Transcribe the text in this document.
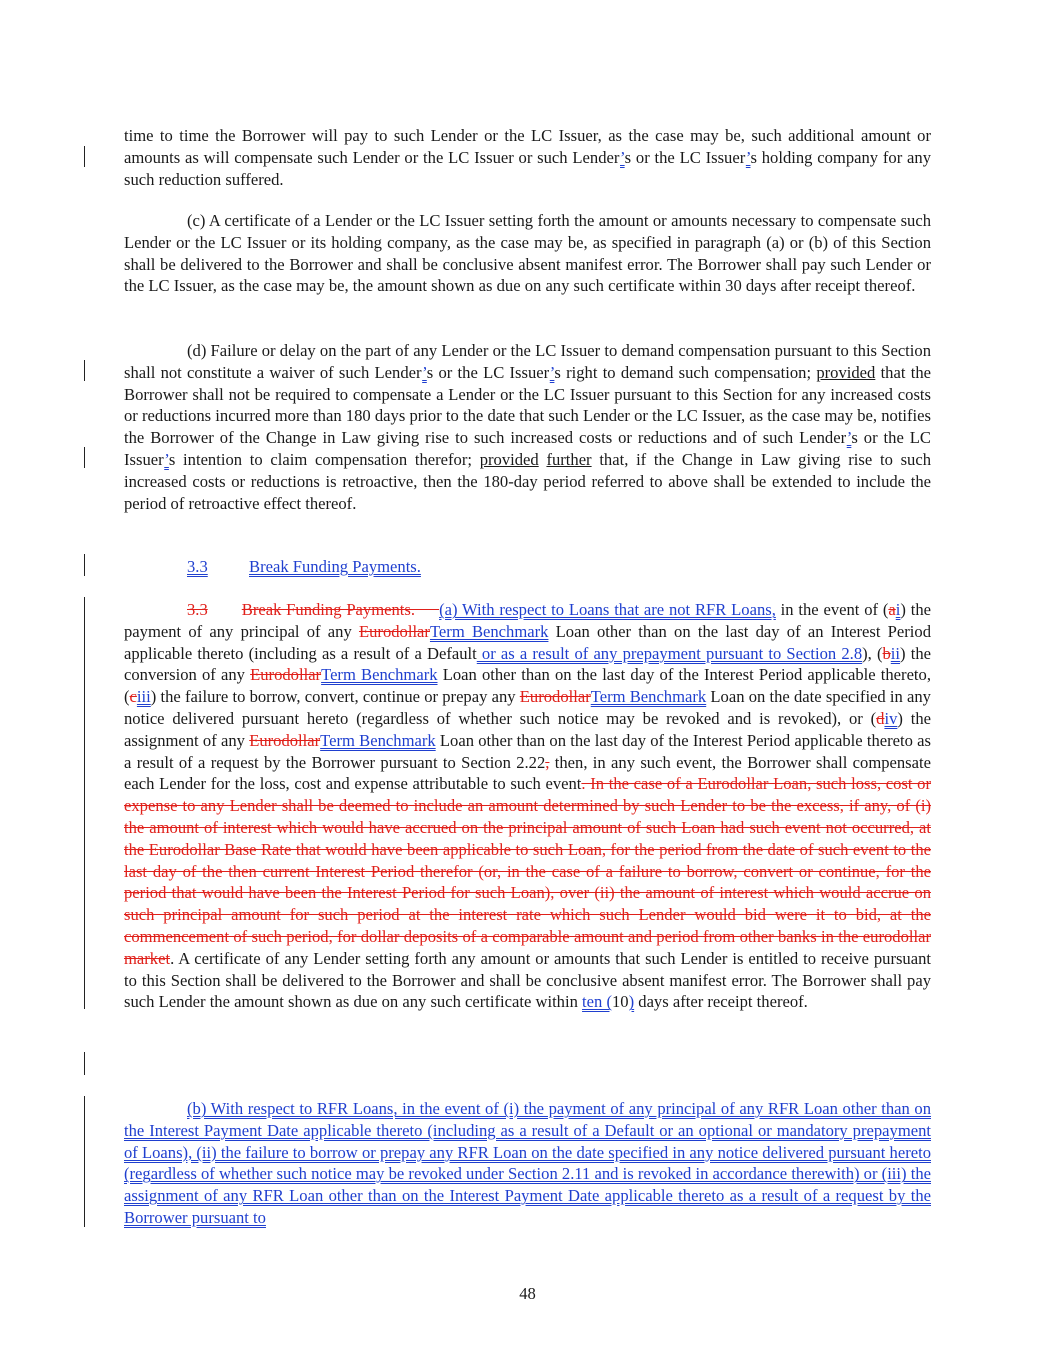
time to time the Borrower will pay to such Lender or the LC Issuer, as the case may be, such additional amount or amounts as will compensate such Lender or the LC Issuer or such Lender’s or the LC Issuer’s holding company for any such reduction suffered.

(c) A certificate of a Lender or the LC Issuer setting forth the amount or amounts necessary to compensate such Lender or the LC Issuer or its holding company, as the case may be, as specified in paragraph (a) or (b) of this Section shall be delivered to the Borrower and shall be conclusive absent manifest error. The Borrower shall pay such Lender or the LC Issuer, as the case may be, the amount shown as due on any such certificate within 30 days after receipt thereof.

(d) Failure or delay on the part of any Lender or the LC Issuer to demand compensation pursuant to this Section shall not constitute a waiver of such Lender’s or the LC Issuer’s right to demand such compensation; provided that the Borrower shall not be required to compensate a Lender or the LC Issuer pursuant to this Section for any increased costs or reductions incurred more than 180 days prior to the date that such Lender or the LC Issuer, as the case may be, notifies the Borrower of the Change in Law giving rise to such increased costs or reductions and of such Lender’s or the LC Issuer’s intention to claim compensation therefor; provided further that, if the Change in Law giving rise to such increased costs or reductions is retroactive, then the 180-day period referred to above shall be extended to include the period of retroactive effect thereof.

3.3 Break Funding Payments.

3.3 Break Funding Payments. (a) With respect to Loans that are not RFR Loans, in the event of (ai) the payment of any principal of any EurodollarTerm Benchmark Loan other than on the last day of an Interest Period applicable thereto (including as a result of a Default or as a result of any prepayment pursuant to Section 2.8), (bii) the conversion of any EurodollarTerm Benchmark Loan other than on the last day of the Interest Period applicable thereto, (ciii) the failure to borrow, convert, continue or prepay any EurodollarTerm Benchmark Loan on the date specified in any notice delivered pursuant hereto (regardless of whether such notice may be revoked and is revoked), or (div) the assignment of any EurodollarTerm Benchmark Loan other than on the last day of the Interest Period applicable thereto as a result of a request by the Borrower pursuant to Section 2.22, then, in any such event, the Borrower shall compensate each Lender for the loss, cost and expense attributable to such event. In the case of a Eurodollar Loan, such loss, cost or expense to any Lender shall be deemed to include an amount determined by such Lender to be the excess, if any, of (i) the amount of interest which would have accrued on the principal amount of such Loan had such event not occurred, at the Eurodollar Base Rate that would have been applicable to such Loan, for the period from the date of such event to the last day of the then current Interest Period therefor (or, in the case of a failure to borrow, convert or continue, for the period that would have been the Interest Period for such Loan), over (ii) the amount of interest which would accrue on such principal amount for such period at the interest rate which such Lender would bid were it to bid, at the commencement of such period, for dollar deposits of a comparable amount and period from other banks in the eurodollar market. A certificate of any Lender setting forth any amount or amounts that such Lender is entitled to receive pursuant to this Section shall be delivered to the Borrower and shall be conclusive absent manifest error. The Borrower shall pay such Lender the amount shown as due on any such certificate within ten (10) days after receipt thereof.

(b) With respect to RFR Loans, in the event of (i) the payment of any principal of any RFR Loan other than on the Interest Payment Date applicable thereto (including as a result of a Default or an optional or mandatory prepayment of Loans), (ii) the failure to borrow or prepay any RFR Loan on the date specified in any notice delivered pursuant hereto (regardless of whether such notice may be revoked under Section 2.11 and is revoked in accordance therewith) or (iii) the assignment of any RFR Loan other than on the Interest Payment Date applicable thereto as a result of a request by the Borrower pursuant to

48
